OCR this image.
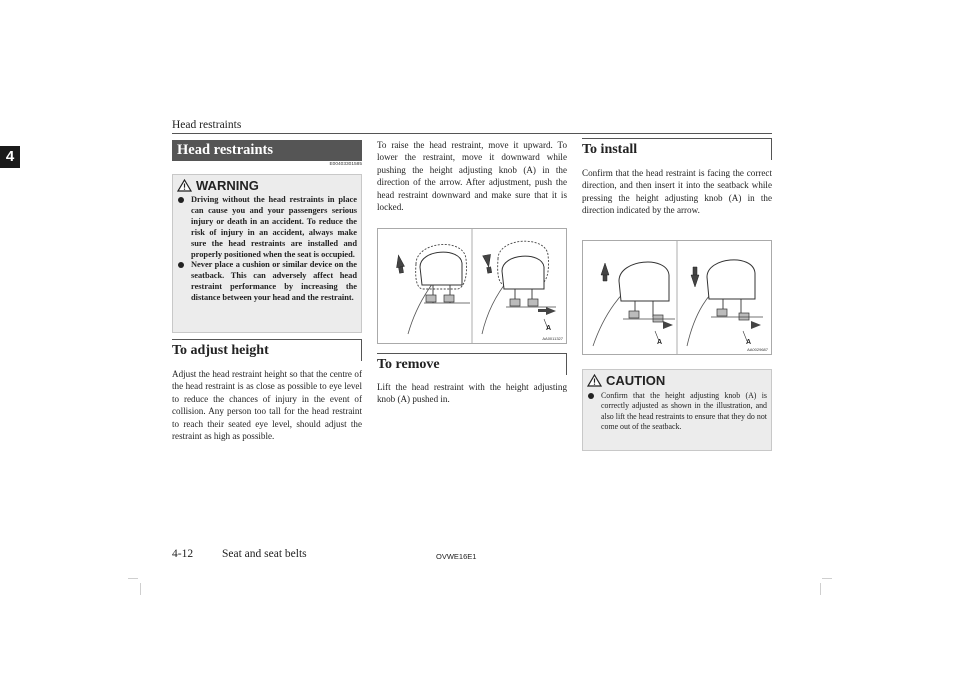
Head restraints
4	Head restraints
E00403301585
WARNING
Driving without the head restraints in place can cause you and your passengers serious injury or death in an accident. To reduce the risk of injury in an accident, always make sure the head restraints are installed and properly positioned when the seat is occupied.
Never place a cushion or similar device on the seatback. This can adversely affect head restraint performance by increasing the distance between your head and the restraint.
To adjust height
Adjust the head restraint height so that the centre of the head restraint is as close as possible to eye level to reduce the chances of injury in the event of collision. Any person too tall for the head restraint to reach their seated eye level, should adjust the restraint as high as possible.
To raise the head restraint, move it upward. To lower the restraint, move it downward while pushing the height adjusting knob (A) in the direction of the arrow. After adjustment, push the head restraint downward and make sure that it is locked.
A
AA0011327
To remove
Lift the head restraint with the height adjusting knob (A) pushed in.
To install
Confirm that the head restraint is facing the correct direction, and then insert it into the seatback while pressing the height adjusting knob (A) in the direction indicated by the arrow.
A	A
AA0029687
CAUTION
Confirm that the height adjusting knob (A) is correctly adjusted as shown in the illustration, and also lift the head restraints to ensure that they do not come out of the seatback.
4-12	Seat and seat belts	OVWE16E1
